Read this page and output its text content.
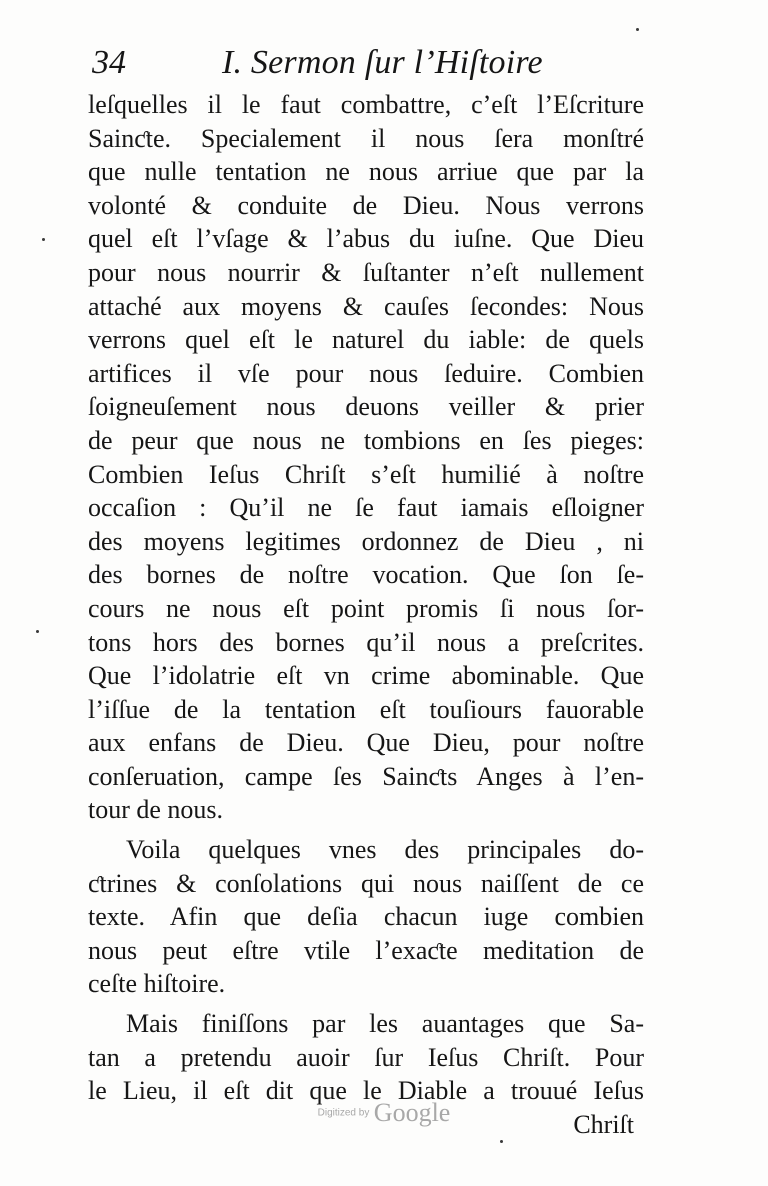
34	I. Sermon ſur l’Hiſtoire
leſquelles il le faut combattre, c’eſt l’Eſcriture
Sainƈte. Specialement il nous ſera monſtré
que nulle tentation ne nous arriue que par la
volonté & conduite de Dieu. Nous verrons
quel eſt l’vſage & l’abus du iuſne. Que Dieu
pour nous nourrir & ſuſtanter n’eſt nullement
attaché aux moyens & cauſes ſecondes: Nous
verrons quel eſt le naturel du iable: de quels
artifices il vſe pour nous ſeduire. Combien
ſoigneuſement nous deuons veiller & prier
de peur que nous ne tombions en ſes pieges:
Combien Ieſus Chriſt s’eſt humilié à noſtre
occaſion : Qu’il ne ſe faut iamais eſloigner
des moyens legitimes ordonnez de Dieu , ni
des bornes de noſtre vocation. Que ſon ſe-
cours ne nous eſt point promis ſi nous ſor-
tons hors des bornes qu’il nous a preſcrites.
Que l’idolatrie eſt vn crime abominable. Que
l’iſſue de la tentation eſt touſiours fauorable
aux enfans de Dieu. Que Dieu, pour noſtre
conſeruation, campe ſes Sainƈts Anges à l’en-
tour de nous.
Voila quelques vnes des principales do-
ƈtrines & conſolations qui nous naiſſent de ce
texte. Afin que deſia chacun iuge combien
nous peut eſtre vtile l’exaƈte meditation de
ceſte hiſtoire.
Mais finiſſons par les auantages que Sa-
tan a pretendu auoir ſur Ieſus Chriſt. Pour
le Lieu, il eſt dit que le Diable a trouué Ieſus
Chriſt
Digitized by Google
